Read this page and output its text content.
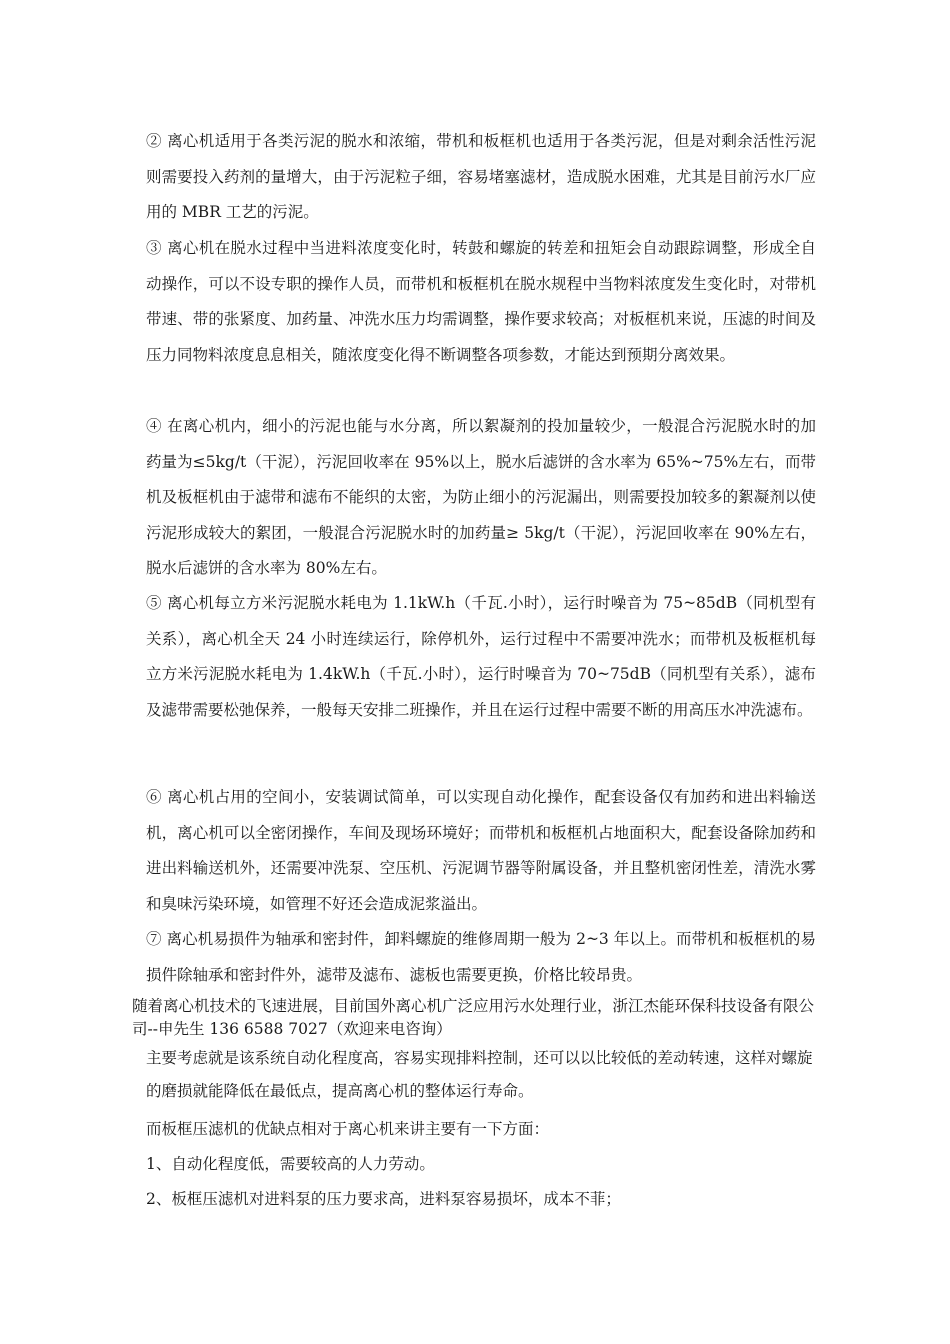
② 离心机适用于各类污泥的脱水和浓缩，带机和板框机也适用于各类污泥，但是对剩余活性污泥则需要投入药剂的量增大，由于污泥粒子细，容易堵塞滤材，造成脱水困难，尤其是目前污水厂应用的 MBR 工艺的污泥。

③ 离心机在脱水过程中当进料浓度变化时，转鼓和螺旋的转差和扭矩会自动跟踪调整，形成全自动操作，可以不设专职的操作人员，而带机和板框机在脱水规程中当物料浓度发生变化时，对带机带速、带的张紧度、加药量、冲洗水压力均需调整，操作要求较高；对板框机来说，压滤的时间及压力同物料浓度息息相关，随浓度变化得不断调整各项参数，才能达到预期分离效果。

④ 在离心机内，细小的污泥也能与水分离，所以絮凝剂的投加量较少，一般混合污泥脱水时的加药量为≤5kg/t（干泥），污泥回收率在 95%以上，脱水后滤饼的含水率为 65%~75%左右，而带机及板框机由于滤带和滤布不能织的太密，为防止细小的污泥漏出，则需要投加较多的絮凝剂以使污泥形成较大的絮团，一般混合污泥脱水时的加药量≥ 5kg/t（干泥），污泥回收率在 90%左右，脱水后滤饼的含水率为 80%左右。

⑤ 离心机每立方米污泥脱水耗电为 1.1kW.h（千瓦.小时），运行时噪音为 75~85dB（同机型有关系），离心机全天 24 小时连续运行，除停机外，运行过程中不需要冲洗水；而带机及板框机每立方米污泥脱水耗电为 1.4kW.h（千瓦.小时），运行时噪音为 70~75dB（同机型有关系），滤布及滤带需要松弛保养，一般每天安排二班操作，并且在运行过程中需要不断的用高压水冲洗滤布。

⑥ 离心机占用的空间小，安装调试简单，可以实现自动化操作，配套设备仅有加药和进出料输送机，离心机可以全密闭操作，车间及现场环境好；而带机和板框机占地面积大，配套设备除加药和进出料输送机外，还需要冲洗泵、空压机、污泥调节器等附属设备，并且整机密闭性差，清洗水雾和臭味污染环境，如管理不好还会造成泥浆溢出。

⑦ 离心机易损件为轴承和密封件，卸料螺旋的维修周期一般为 2~3 年以上。而带机和板框机的易损件除轴承和密封件外，滤带及滤布、滤板也需要更换，价格比较昂贵。

随着离心机技术的飞速进展，目前国外离心机广泛应用污水处理行业，浙江杰能环保科技设备有限公司--申先生 136 6588 7027（欢迎来电咨询）

主要考虑就是该系统自动化程度高，容易实现排料控制，还可以以比较低的差动转速，这样对螺旋的磨损就能降低在最低点，提高离心机的整体运行寿命。

而板框压滤机的优缺点相对于离心机来讲主要有一下方面：

1、自动化程度低，需要较高的人力劳动。

2、板框压滤机对进料泵的压力要求高，进料泵容易损坏，成本不菲；
